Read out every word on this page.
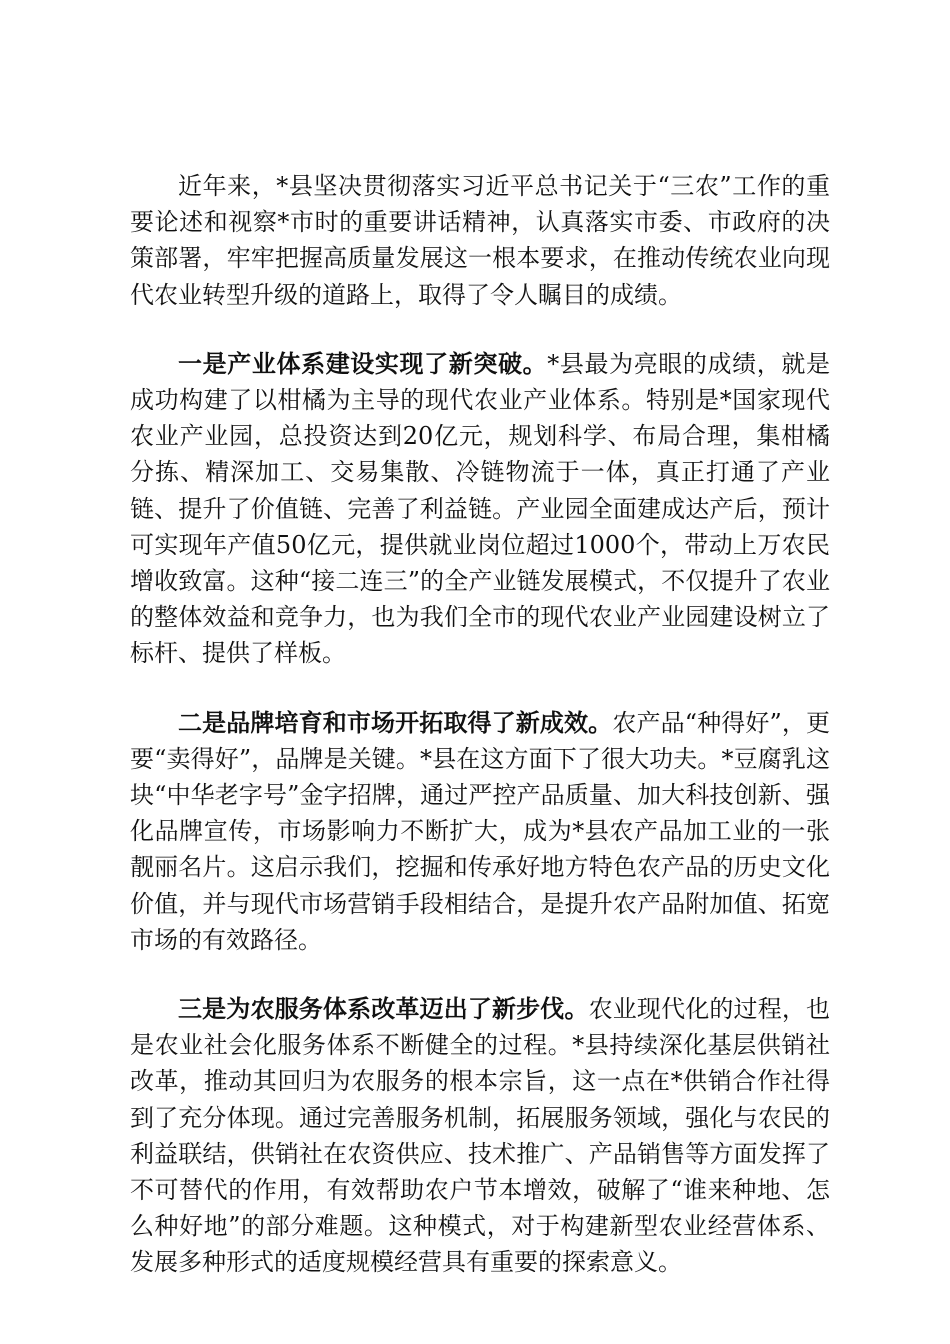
近年来，*县坚决贯彻落实习近平总书记关于“三农”工作的重要论述和视察*市时的重要讲话精神，认真落实市委、市政府的决策部署，牢牢把握高质量发展这一根本要求，在推动传统农业向现代农业转型升级的道路上，取得了令人瞩目的成绩。

一是产业体系建设实现了新突破。*县最为亮眼的成绩，就是成功构建了以柑橘为主导的现代农业产业体系。特别是*国家现代农业产业园，总投资达到20亿元，规划科学、布局合理，集柑橘分拣、精深加工、交易集散、冷链物流于一体，真正打通了产业链、提升了价值链、完善了利益链。产业园全面建成达产后，预计可实现年产值50亿元，提供就业岗位超过1000个，带动上万农民增收致富。这种“接二连三”的全产业链发展模式，不仅提升了农业的整体效益和竞争力，也为我们全市的现代农业产业园建设树立了标杆、提供了样板。

二是品牌培育和市场开拓取得了新成效。农产品“种得好”，更要“卖得好”，品牌是关键。*县在这方面下了很大功夫。*豆腐乳这块“中华老字号”金字招牌，通过严控产品质量、加大科技创新、强化品牌宣传，市场影响力不断扩大，成为*县农产品加工业的一张靓丽名片。这启示我们，挖掘和传承好地方特色农产品的历史文化价值，并与现代市场营销手段相结合，是提升农产品附加值、拓宽市场的有效路径。

三是为农服务体系改革迈出了新步伐。农业现代化的过程，也是农业社会化服务体系不断健全的过程。*县持续深化基层供销社改革，推动其回归为农服务的根本宗旨，这一点在*供销合作社得到了充分体现。通过完善服务机制，拓展服务领域，强化与农民的利益联结，供销社在农资供应、技术推广、产品销售等方面发挥了不可替代的作用，有效帮助农户节本增效，破解了“谁来种地、怎么种好地”的部分难题。这种模式，对于构建新型农业经营体系、发展多种形式的适度规模经营具有重要的探索意义。
